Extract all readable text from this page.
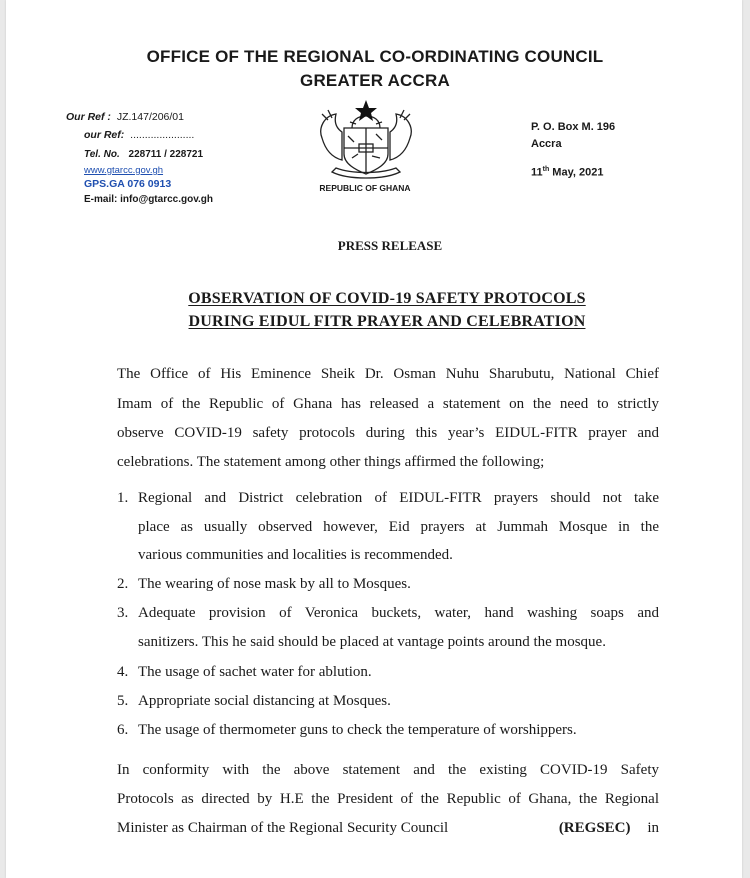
OFFICE OF THE REGIONAL CO-ORDINATING COUNCIL
GREATER ACCRA
Our Ref : JZ.147/206/01
our Ref: ......................
Tel. No. 228711 / 228721
www.gtarcc.gov.gh
GPS.GA 076 0913
E-mail: info@gtarcc.gov.gh
REPUBLIC OF GHANA
P. O. Box M. 196
Accra
11th May, 2021
PRESS RELEASE
OBSERVATION OF COVID-19 SAFETY PROTOCOLS
DURING EIDUL FITR PRAYER AND CELEBRATION
The Office of His Eminence Sheik Dr. Osman Nuhu Sharubutu, National Chief
Imam of the Republic of Ghana has released a statement on the need to strictly
observe COVID-19 safety protocols during this year’s EIDUL-FITR prayer and
celebrations. The statement among other things affirmed the following;
1. Regional and District celebration of EIDUL-FITR prayers should not take
place as usually observed however, Eid prayers at Jummah Mosque in the
various communities and localities is recommended.
2. The wearing of nose mask by all to Mosques.
3. Adequate provision of Veronica buckets, water, hand washing soaps and
sanitizers. This he said should be placed at vantage points around the mosque.
4. The usage of sachet water for ablution.
5. Appropriate social distancing at Mosques.
6. The usage of thermometer guns to check the temperature of worshippers.
In conformity with the above statement and the existing COVID-19 Safety
Protocols as directed by H.E the President of the Republic of Ghana, the Regional
Minister as Chairman of the Regional Security Council	(REGSEC) in
